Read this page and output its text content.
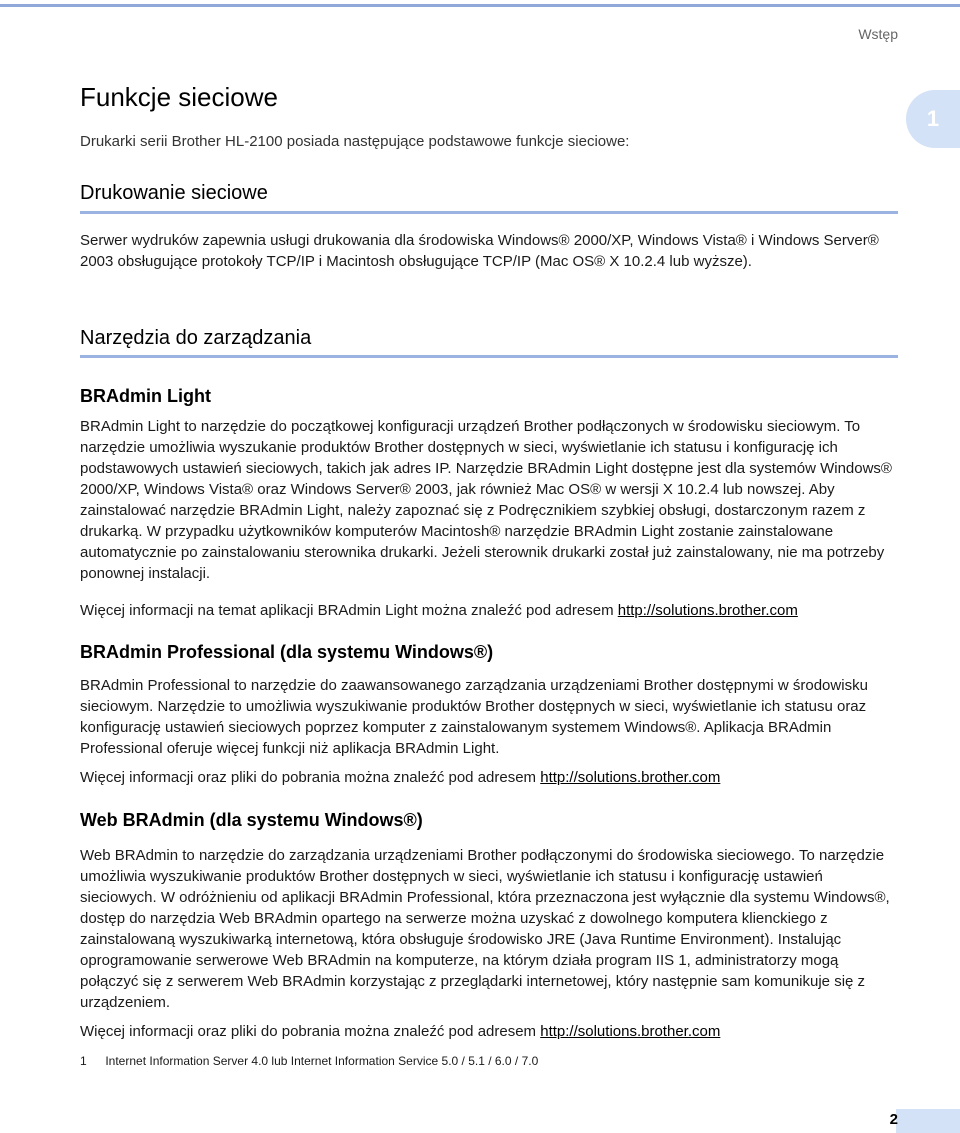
Wstęp
1
Funkcje sieciowe
Drukarki serii Brother HL-2100 posiada następujące podstawowe funkcje sieciowe:
Drukowanie sieciowe
Serwer wydruków zapewnia usługi drukowania dla środowiska Windows® 2000/XP, Windows Vista® i Windows Server® 2003 obsługujące protokoły TCP/IP i Macintosh obsługujące TCP/IP (Mac OS® X 10.2.4 lub wyższe).
Narzędzia do zarządzania
BRAdmin Light
BRAdmin Light to narzędzie do początkowej konfiguracji urządzeń Brother podłączonych w środowisku sieciowym. To narzędzie umożliwia wyszukanie produktów Brother dostępnych w sieci, wyświetlanie ich statusu i konfigurację ich podstawowych ustawień sieciowych, takich jak adres IP. Narzędzie BRAdmin Light dostępne jest dla systemów Windows® 2000/XP, Windows Vista® oraz Windows Server® 2003, jak również Mac OS® w wersji X 10.2.4 lub nowszej. Aby zainstalować narzędzie BRAdmin Light, należy zapoznać się z Podręcznikiem szybkiej obsługi, dostarczonym razem z drukarką. W przypadku użytkowników komputerów Macintosh® narzędzie BRAdmin Light zostanie zainstalowane automatycznie po zainstalowaniu sterownika drukarki. Jeżeli sterownik drukarki został już zainstalowany, nie ma potrzeby ponownej instalacji.
Więcej informacji na temat aplikacji BRAdmin Light można znaleźć pod adresem http://solutions.brother.com
BRAdmin Professional (dla systemu Windows®)
BRAdmin Professional to narzędzie do zaawansowanego zarządzania urządzeniami Brother dostępnymi w środowisku sieciowym. Narzędzie to umożliwia wyszukiwanie produktów Brother dostępnych w sieci, wyświetlanie ich statusu oraz konfigurację ustawień sieciowych poprzez komputer z zainstalowanym systemem Windows®. Aplikacja BRAdmin Professional oferuje więcej funkcji niż aplikacja BRAdmin Light.
Więcej informacji oraz pliki do pobrania można znaleźć pod adresem http://solutions.brother.com
Web BRAdmin (dla systemu Windows®)
Web BRAdmin to narzędzie do zarządzania urządzeniami Brother podłączonymi do środowiska sieciowego. To narzędzie umożliwia wyszukiwanie produktów Brother dostępnych w sieci, wyświetlanie ich statusu i konfigurację ustawień sieciowych. W odróżnieniu od aplikacji BRAdmin Professional, która przeznaczona jest wyłącznie dla systemu Windows®, dostęp do narzędzia Web BRAdmin opartego na serwerze można uzyskać z dowolnego komputera klienckiego z zainstalowaną wyszukiwarką internetową, która obsługuje środowisko JRE (Java Runtime Environment). Instalując oprogramowanie serwerowe Web BRAdmin na komputerze, na którym działa program IIS 1, administratorzy mogą połączyć się z serwerem Web BRAdmin korzystając z przeglądarki internetowej, który następnie sam komunikuje się z urządzeniem.
Więcej informacji oraz pliki do pobrania można znaleźć pod adresem http://solutions.brother.com
1 Internet Information Server 4.0 lub Internet Information Service 5.0 / 5.1 / 6.0 / 7.0
2
